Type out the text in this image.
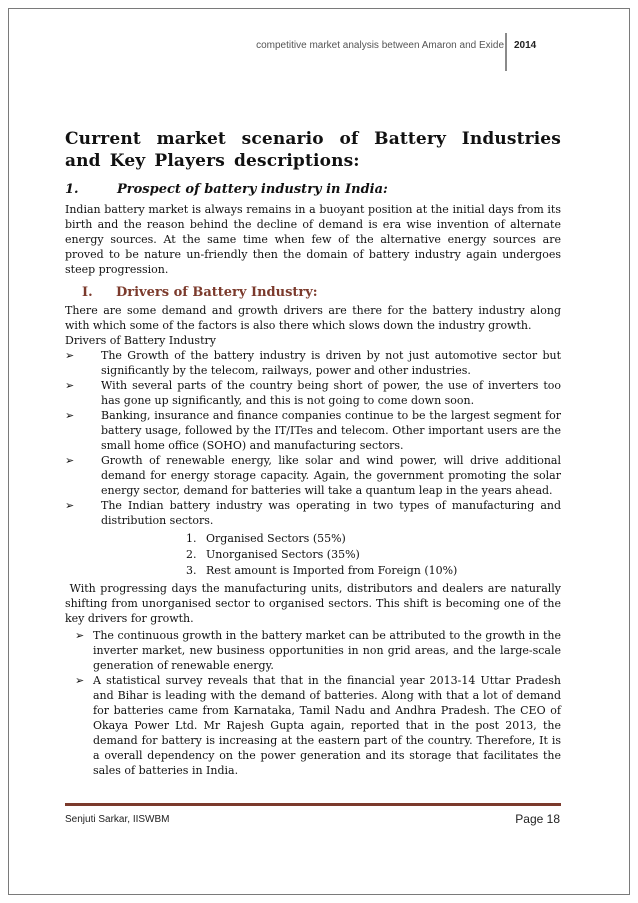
competitive market analysis between Amaron and Exide 2014
Current market scenario of Battery Industries and Key Players descriptions:
1.	Prospect of battery industry in India:

Indian battery market is always remains in a buoyant position at the initial days from its birth and the reason behind the decline of demand is era wise invention of alternate energy sources. At the same time when few of the alternative energy sources are proved to be nature un-friendly then the domain of battery industry again undergoes steep progression.

I.	Drivers of Battery Industry:

There are some demand and growth drivers are there for the battery industry along with which some of the factors is also there which slows down the industry growth.

Drivers of Battery Industry

➢	The Growth of the battery industry is driven by not just automotive sector but significantly by the telecom, railways, power and other industries.
➢	With several parts of the country being short of power, the use of inverters too has gone up significantly, and this is not going to come down soon.
➢	Banking, insurance and finance companies continue to be the largest segment for battery usage, followed by the IT/ITes and telecom. Other important users are the small home office (SOHO) and manufacturing sectors.
➢	Growth of renewable energy, like solar and wind power, will drive additional demand for energy storage capacity. Again, the government promoting the solar energy sector, demand for batteries will take a quantum leap in the years ahead.
➢	The Indian battery industry was operating in two types of manufacturing and distribution sectors.
1. Organised Sectors (55%)
2. Unorganised Sectors (35%)
3. Rest amount is Imported from Foreign (10%)

With progressing days the manufacturing units, distributors and dealers are naturally shifting from unorganised sector to organised sectors. This shift is becoming one of the key drivers for growth.

➢ The continuous growth in the battery market can be attributed to the growth in the inverter market, new business opportunities in non grid areas, and the large-scale generation of renewable energy.
➢ A statistical survey reveals that that in the financial year 2013-14 Uttar Pradesh and Bihar is leading with the demand of batteries. Along with that a lot of demand for batteries came from Karnataka, Tamil Nadu and Andhra Pradesh. The CEO of Okaya Power Ltd. Mr Rajesh Gupta again, reported that in the post 2013, the demand for battery is increasing at the eastern part of the country. Therefore, It is a overall dependency on the power generation and its storage that facilitates the sales of batteries in India.
Senjuti Sarkar, IISWBM	Page 18
